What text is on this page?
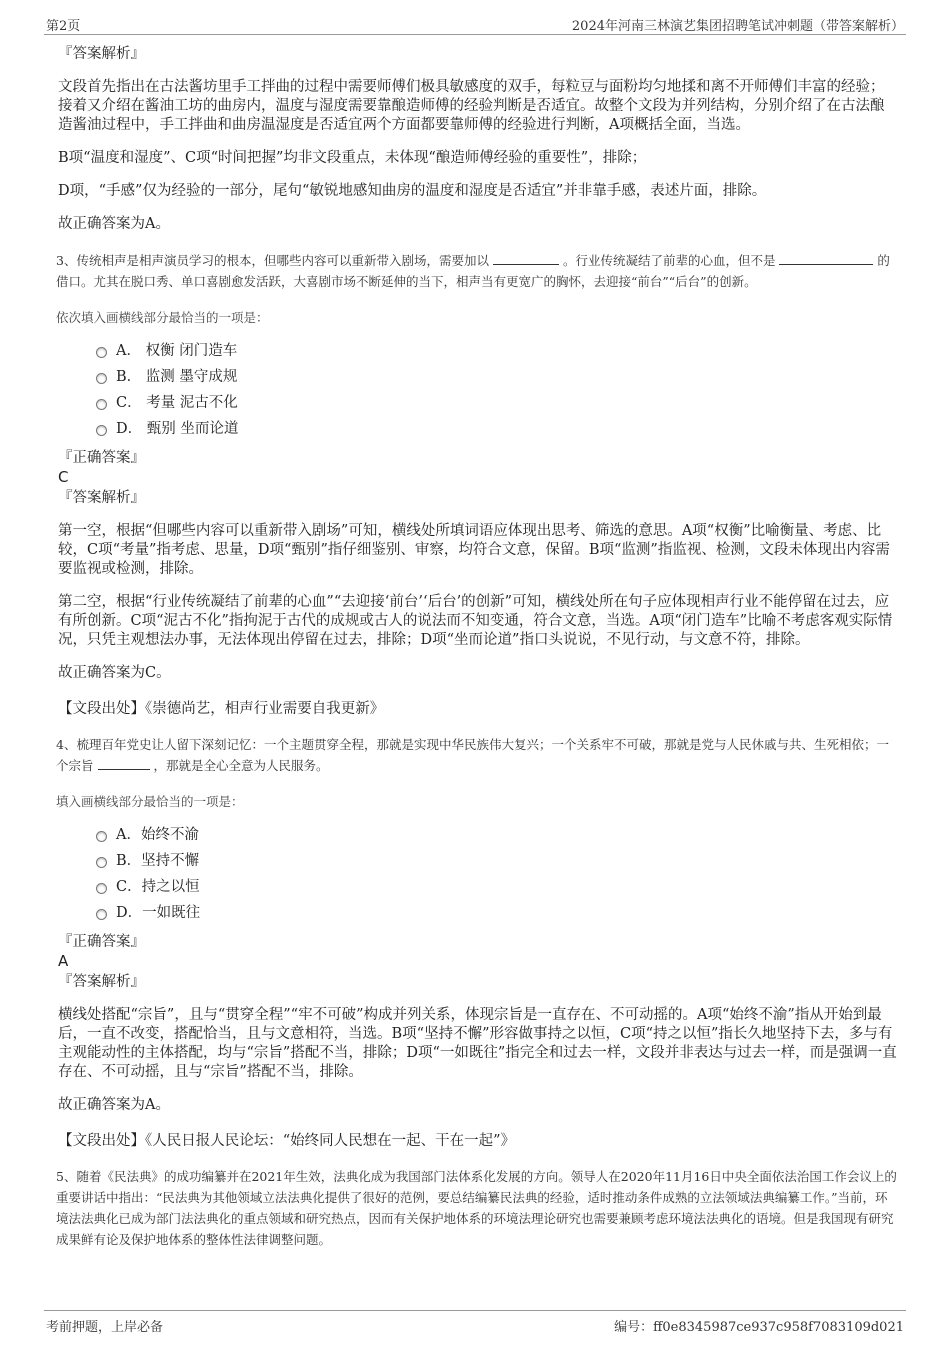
第2页	2024年河南三林演艺集团招聘笔试冲刺题（带答案解析）
『答案解析』
文段首先指出在古法酱坊里手工拌曲的过程中需要师傅们极具敏感度的双手，每粒豆与面粉均匀地揉和离不开师傅们丰富的经验；接着又介绍在酱油工坊的曲房内，温度与湿度需要靠酿造师傅的经验判断是否适宜。故整个文段为并列结构，分别介绍了在古法酿造酱油过程中，手工拌曲和曲房温湿度是否适宜两个方面都要靠师傅的经验进行判断，A项概括全面，当选。
B项“温度和湿度”、C项“时间把握”均非文段重点，未体现“酿造师傅经验的重要性”，排除；
D项，“手感”仅为经验的一部分，尾句“敏锐地感知曲房的温度和湿度是否适宜”并非靠手感，表述片面，排除。
故正确答案为A。
3、传统相声是相声演员学习的根本，但哪些内容可以重新带入剧场，需要加以	。行业传统凝结了前辈的心血，但不是	的借口。尤其在脱口秀、单口喜剧愈发活跃，大喜剧市场不断延伸的当下，相声当有更宽广的胸怀，去迎接“前台”“后台”的创新。
依次填入画横线部分最恰当的一项是：
A． 权衡 闭门造车
B． 监测 墨守成规
C． 考量 泥古不化
D． 甄别 坐而论道
『正确答案』
C
『答案解析』
第一空，根据“但哪些内容可以重新带入剧场”可知，横线处所填词语应体现出思考、筛选的意思。A项“权衡”比喻衡量、考虑、比较，C项“考量”指考虑、思量，D项“甄别”指仔细鉴别、审察，均符合文意，保留。B项“监测”指监视、检测，文段未体现出内容需要监视或检测，排除。
第二空，根据“行业传统凝结了前辈的心血”“去迎接‘前台’‘后台’的创新”可知，横线处所在句子应体现相声行业不能停留在过去，应有所创新。C项“泥古不化”指拘泥于古代的成规或古人的说法而不知变通，符合文意，当选。A项“闭门造车”比喻不考虑客观实际情况，只凭主观想法办事，无法体现出停留在过去，排除；D项“坐而论道”指口头说说，不见行动，与文意不符，排除。
故正确答案为C。
【文段出处】《崇德尚艺，相声行业需要自我更新》
4、梳理百年党史让人留下深刻记忆：一个主题贯穿全程，那就是实现中华民族伟大复兴；一个关系牢不可破，那就是党与人民休戚与共、生死相依；一个宗旨	，那就是全心全意为人民服务。
填入画横线部分最恰当的一项是：
A．始终不渝
B．坚持不懈
C．持之以恒
D．一如既往
『正确答案』
A
『答案解析』
横线处搭配“宗旨”，且与“贯穿全程”“牢不可破”构成并列关系，体现宗旨是一直存在、不可动摇的。A项“始终不渝”指从开始到最后，一直不改变，搭配恰当，且与文意相符，当选。B项“坚持不懈”形容做事持之以恒，C项“持之以恒”指长久地坚持下去，多与有主观能动性的主体搭配，均与“宗旨”搭配不当，排除；D项“一如既往”指完全和过去一样，文段并非表达与过去一样，而是强调一直存在、不可动摇，且与“宗旨”搭配不当，排除。
故正确答案为A。
【文段出处】《人民日报人民论坛：“始终同人民想在一起、干在一起”》
5、随着《民法典》的成功编纂并在2021年生效，法典化成为我国部门法体系化发展的方向。领导人在2020年11月16日中央全面依法治国工作会议上的重要讲话中指出：“民法典为其他领域立法法典化提供了很好的范例，要总结编纂民法典的经验，适时推动条件成熟的立法领域法典编纂工作。”当前，环境法法典化已成为部门法法典化的重点领域和研究热点，因而有关保护地体系的环境法理论研究也需要兼顾考虑环境法法典化的语境。但是我国现有研究成果鲜有论及保护地体系的整体性法律调整问题。
考前押题，上岸必备	编号：ff0e8345987ce937c958f7083109d021
